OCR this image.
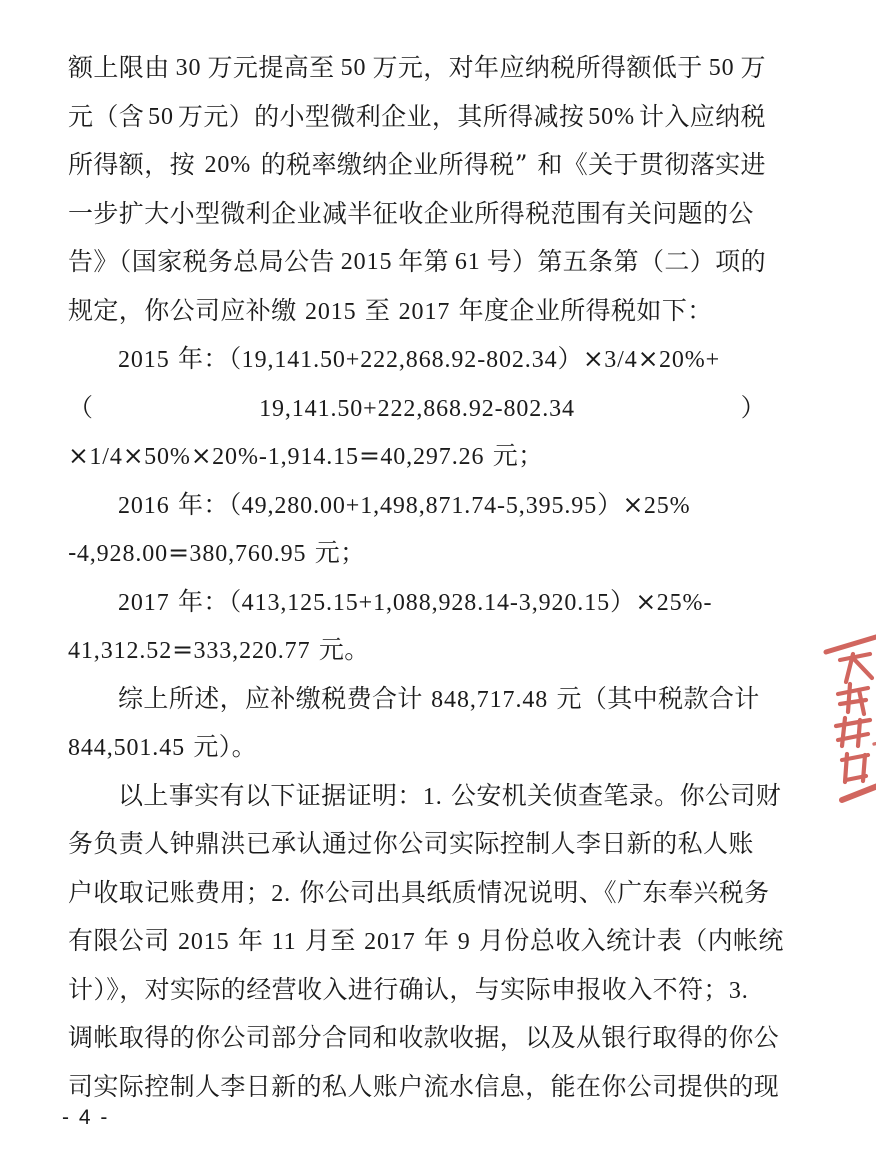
额上限由 30 万元提高至 50 万元，对年应纳税所得额低于 50 万
元（含 50 万元）的小型微利企业，其所得减按 50% 计入应纳税
所得额，按 20% 的税率缴纳企业所得税” 和《关于贯彻落实进
一步扩大小型微利企业减半征收企业所得税范围有关问题的公
告》（国家税务总局公告 2015 年第 61 号）第五条第（二）项的
规定，你公司应补缴 2015 至 2017 年度企业所得税如下：
2015 年：（19,141.50+222,868.92-802.34）×3/4×20%+
（	19,141.50+222,868.92-802.34	）
×1/4×50%×20%-1,914.15=40,297.26 元；
2016 年：（49,280.00+1,498,871.74-5,395.95）×25%
-4,928.00=380,760.95 元；
2017 年：（413,125.15+1,088,928.14-3,920.15）×25%-
41,312.52=333,220.77 元。
综上所述，应补缴税费合计 848,717.48 元（其中税款合计
844,501.45 元）。
以上事实有以下证据证明：1. 公安机关侦查笔录。你公司财
务负责人钟鼎洪已承认通过你公司实际控制人李日新的私人账
户收取记账费用；2. 你公司出具纸质情况说明、《广东奉兴税务
有限公司 2015 年 11 月至 2017 年 9 月份总收入统计表（内帐统
计）》，对实际的经营收入进行确认，与实际申报收入不符；3.
调帐取得的你公司部分合同和收款收据，以及从银行取得的你公
司实际控制人李日新的私人账户流水信息，能在你公司提供的现
- 4 -
